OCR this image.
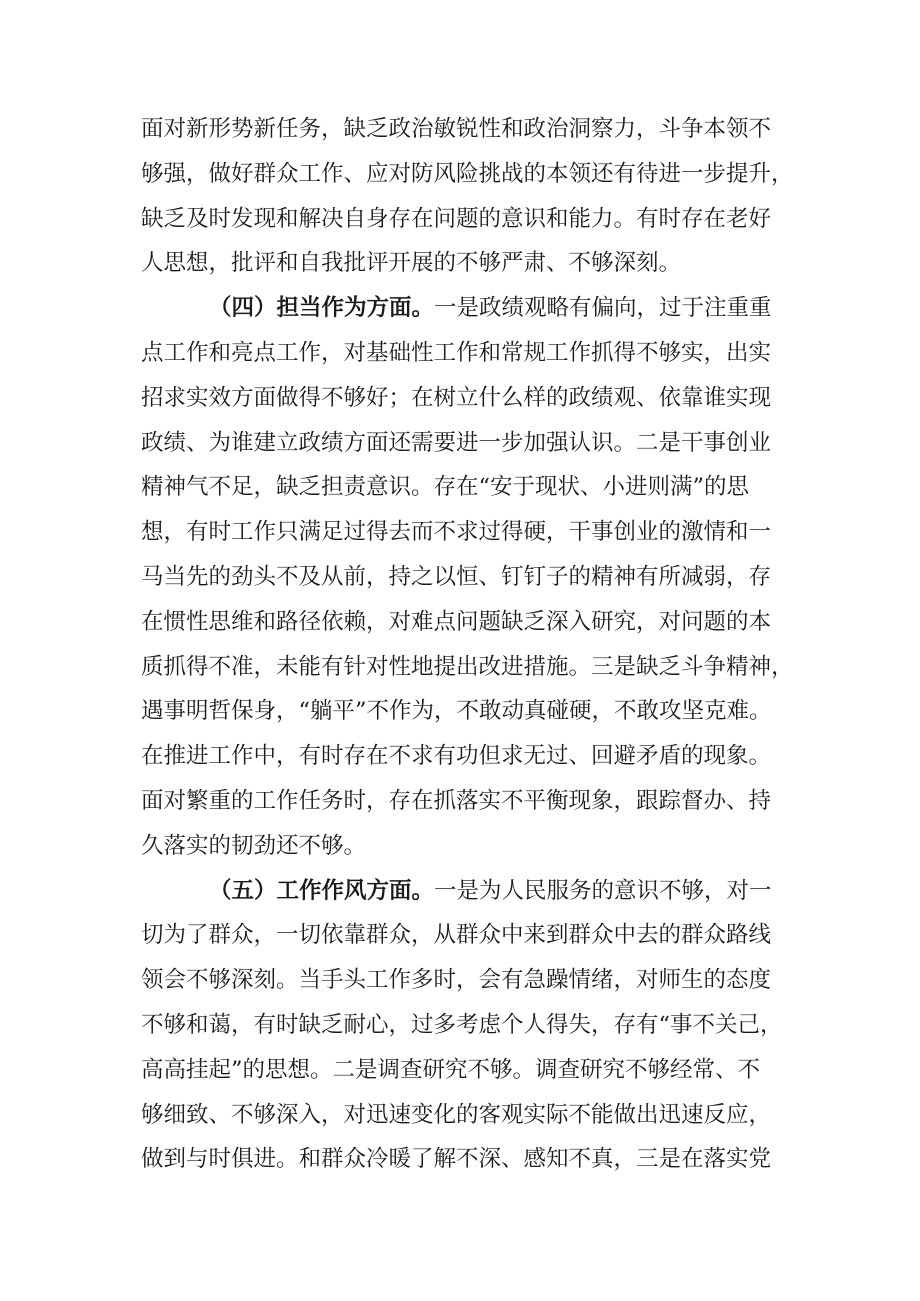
面对新形势新任务，缺乏政治敏锐性和政治洞察力，斗争本领不
够强，做好群众工作、应对防风险挑战的本领还有待进一步提升，
缺乏及时发现和解决自身存在问题的意识和能力。有时存在老好
人思想，批评和自我批评开展的不够严肃、不够深刻。
（四）担当作为方面。一是政绩观略有偏向，过于注重重
点工作和亮点工作，对基础性工作和常规工作抓得不够实，出实
招求实效方面做得不够好；在树立什么样的政绩观、依靠谁实现
政绩、为谁建立政绩方面还需要进一步加强认识。二是干事创业
精神气不足，缺乏担责意识。存在“安于现状、小进则满”的思
想，有时工作只满足过得去而不求过得硬，干事创业的激情和一
马当先的劲头不及从前，持之以恒、钉钉子的精神有所减弱，存
在惯性思维和路径依赖，对难点问题缺乏深入研究，对问题的本
质抓得不准，未能有针对性地提出改进措施。三是缺乏斗争精神，
遇事明哲保身，“躺平”不作为，不敢动真碰硬，不敢攻坚克难。
在推进工作中，有时存在不求有功但求无过、回避矛盾的现象。
面对繁重的工作任务时，存在抓落实不平衡现象，跟踪督办、持
久落实的韧劲还不够。
（五）工作作风方面。一是为人民服务的意识不够，对一
切为了群众，一切依靠群众，从群众中来到群众中去的群众路线
领会不够深刻。当手头工作多时，会有急躁情绪，对师生的态度
不够和蔼，有时缺乏耐心，过多考虑个人得失，存有“事不关己，
高高挂起”的思想。二是调查研究不够。调查研究不够经常、不
够细致、不够深入，对迅速变化的客观实际不能做出迅速反应，
做到与时俱进。和群众冷暖了解不深、感知不真，三是在落实党
